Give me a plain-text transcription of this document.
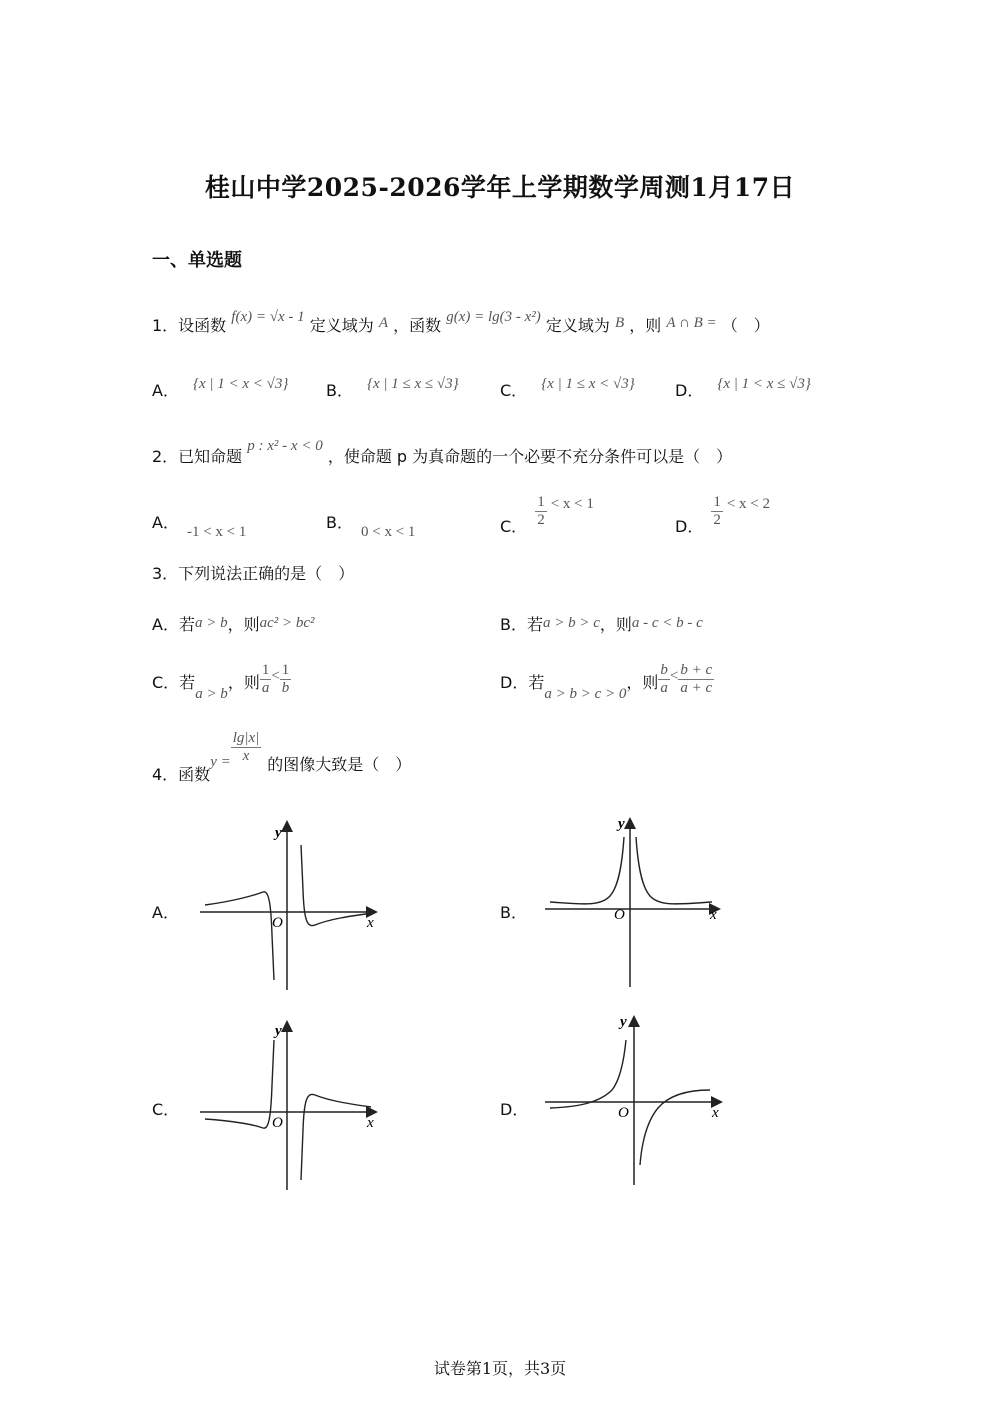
桂山中学2025-2026学年上学期数学周测1月17日
一、单选题
1．设函数 f(x) = √x - 1 定义域为 A ，函数 g(x) = lg(3 - x²) 定义域为 B ，则 A ∩ B = （　）
A． {x | 1 < x < √3} B． {x | 1 ≤ x ≤ √3}	C． {x | 1 ≤ x < √3}	D． {x | 1 < x ≤ √3}
2．已知命题 p : x² - x < 0 ，使命题 p 为真命题的一个必要不充分条件可以是（　）
A． -1 < x < 1	B． 0 < x < 1	C． $\frac{1}{2} < x < 1$
D． $\frac{1}{2} < x < 2$
3．下列说法正确的是（　）
A．若a > b，则ac² > bc²	B．若a > b > c，则a - c < b - c
C．若a > b，则 $\frac{1}{a} < \frac{1}{b}$	D．若a > b > c > 0，则 $\frac{b}{a} < \frac{b + c}{a + c}$
4．函数$y = \frac{\lg|x|}{x}$ 的图像大致是（　）
A．	B．
C．	D．
y
x
O
y
x
O
y
x
O
y
x
O
试卷第1页，共3页
